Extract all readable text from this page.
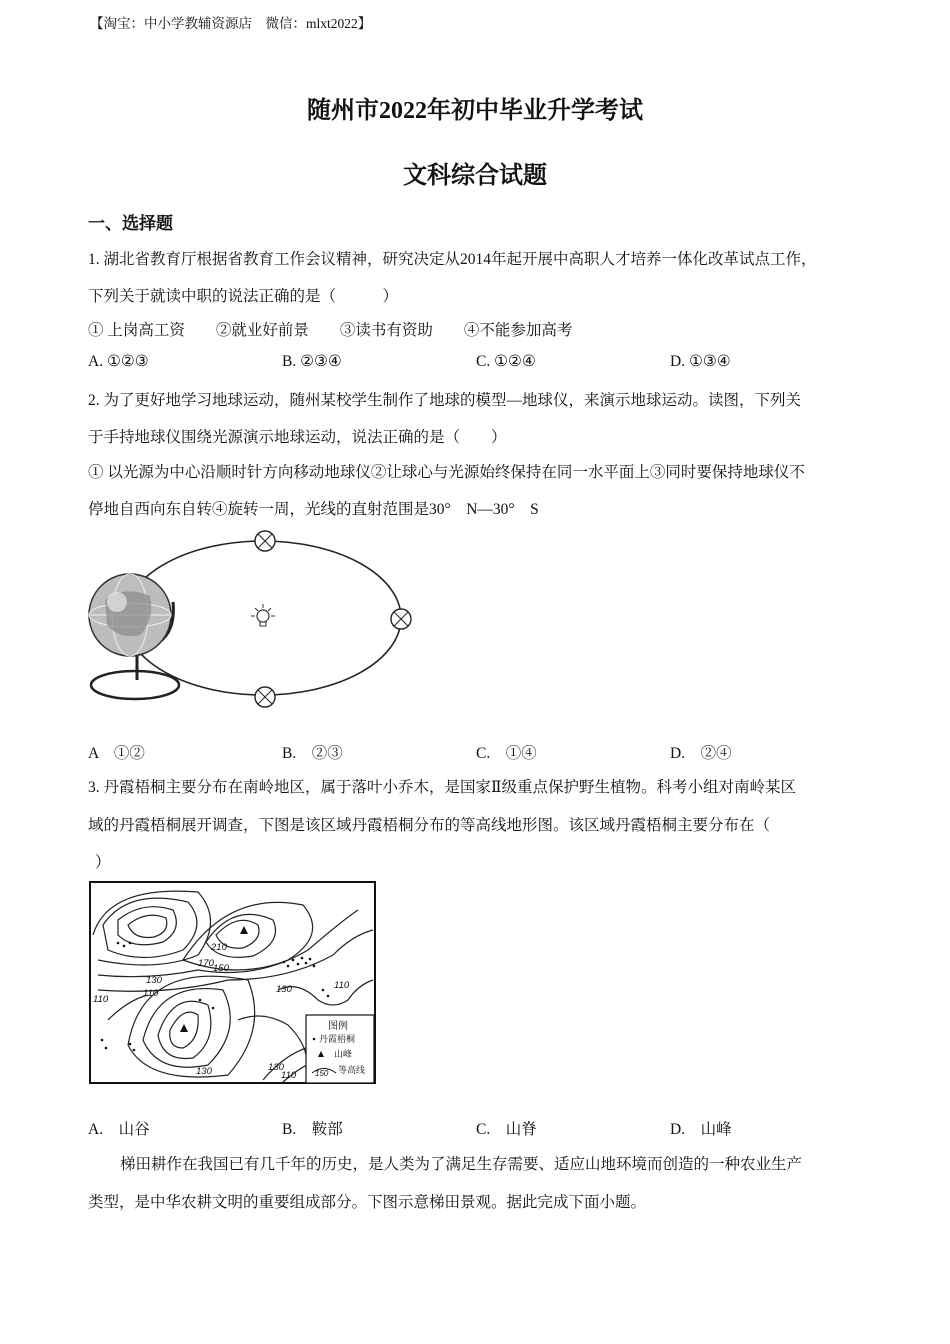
【淘宝：中小学教辅资源店　微信：mlxt2022】
随州市2022年初中毕业升学考试
文科综合试题
一、选择题
1. 湖北省教育厅根据省教育工作会议精神，研究决定从2014年起开展中高职人才培养一体化改革试点工作，
下列关于就读中职的说法正确的是（　　　）
① 上岗高工资　　②就业好前景　　③读书有资助　　④不能参加高考
A. ①②③	B. ②③④	C. ①②④	D. ①③④
2. 为了更好地学习地球运动，随州某校学生制作了地球的模型—地球仪，来演示地球运动。读图，下列关
于手持地球仪围绕光源演示地球运动，说法正确的是（　　）
① 以光源为中心沿顺时针方向移动地球仪②让球心与光源始终保持在同一水平面上③同时要保持地球仪不
停地自西向东自转④旋转一周，光线的直射范围是30°　N—30°　S
A　①②	B.　②③	C.　①④	D.　②④
3. 丹霞梧桐主要分布在南岭地区，属于落叶小乔木，是国家Ⅱ级重点保护野生植物。科考小组对南岭某区
域的丹霞梧桐展开调查，下图是该区域丹霞梧桐分布的等高线地形图。该区域丹霞梧桐主要分布在（
）
210
170 150
130
110
130	110
110
130	130
110
图例
丹霞梧桐
山峰
150 等高线
A.　山谷	B.　鞍部	C.　山脊	D.　山峰
梯田耕作在我国已有几千年的历史，是人类为了满足生存需要、适应山地环境而创造的一种农业生产
类型，是中华农耕文明的重要组成部分。下图示意梯田景观。据此完成下面小题。
